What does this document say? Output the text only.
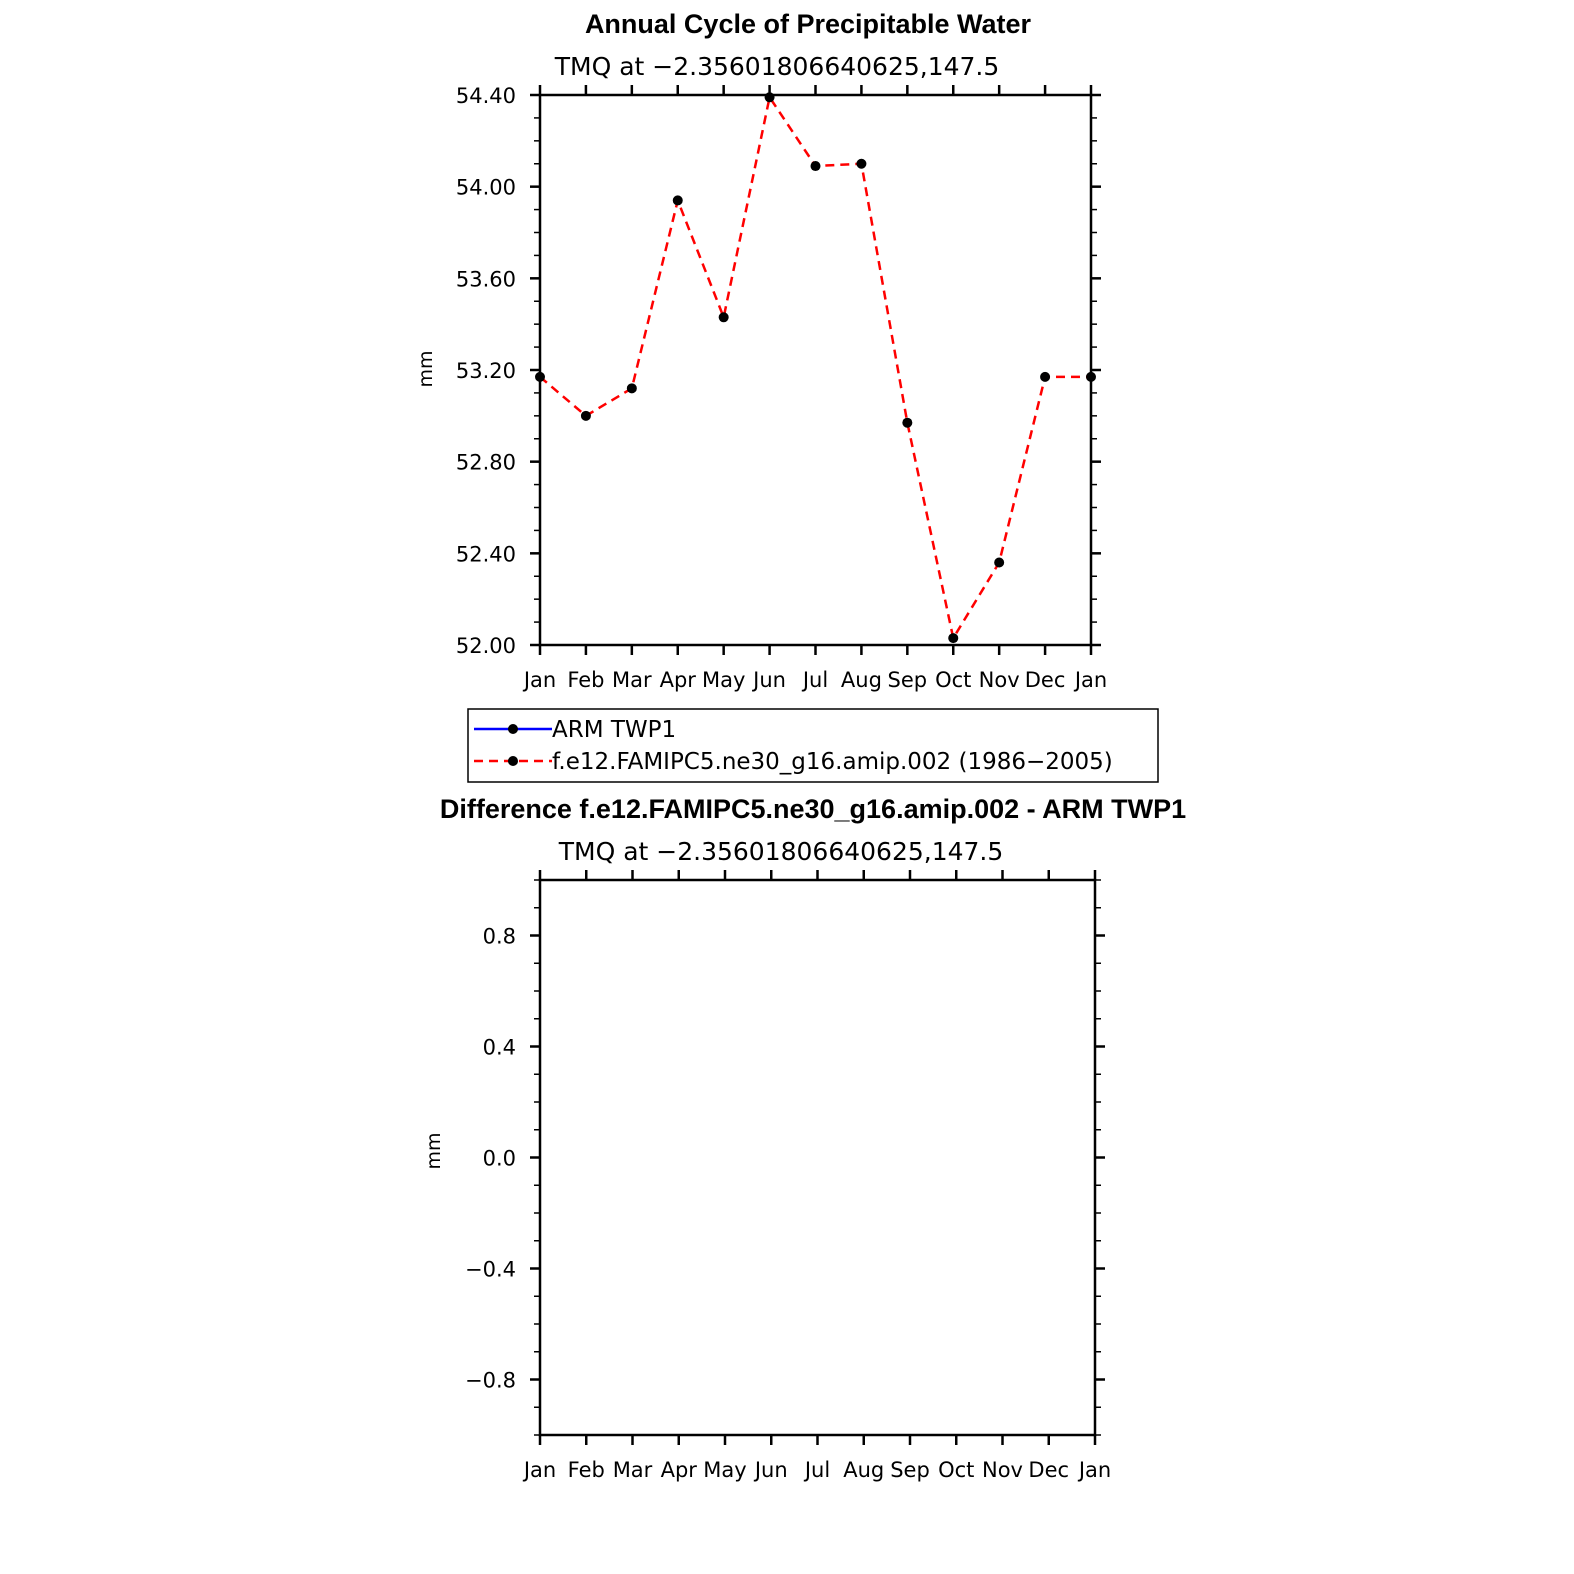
Annual Cycle of Precipitable Water
TMQ at −2.35601806640625,147.5
mm
Jan Feb Mar Apr May Jun Jul Aug Sep Oct Nov Dec Jan
52.00
52.40
52.80
53.20
53.60
54.00
54.40
ARM TWP1
f.e12.FAMIPC5.ne30_g16.amip.002 (1986−2005)
Difference f.e12.FAMIPC5.ne30_g16.amip.002 - ARM TWP1
TMQ at −2.35601806640625,147.5
mm
Jan Feb Mar Apr May Jun Jul Aug Sep Oct Nov Dec Jan
−0.8
−0.4
0.0
0.4
0.8
